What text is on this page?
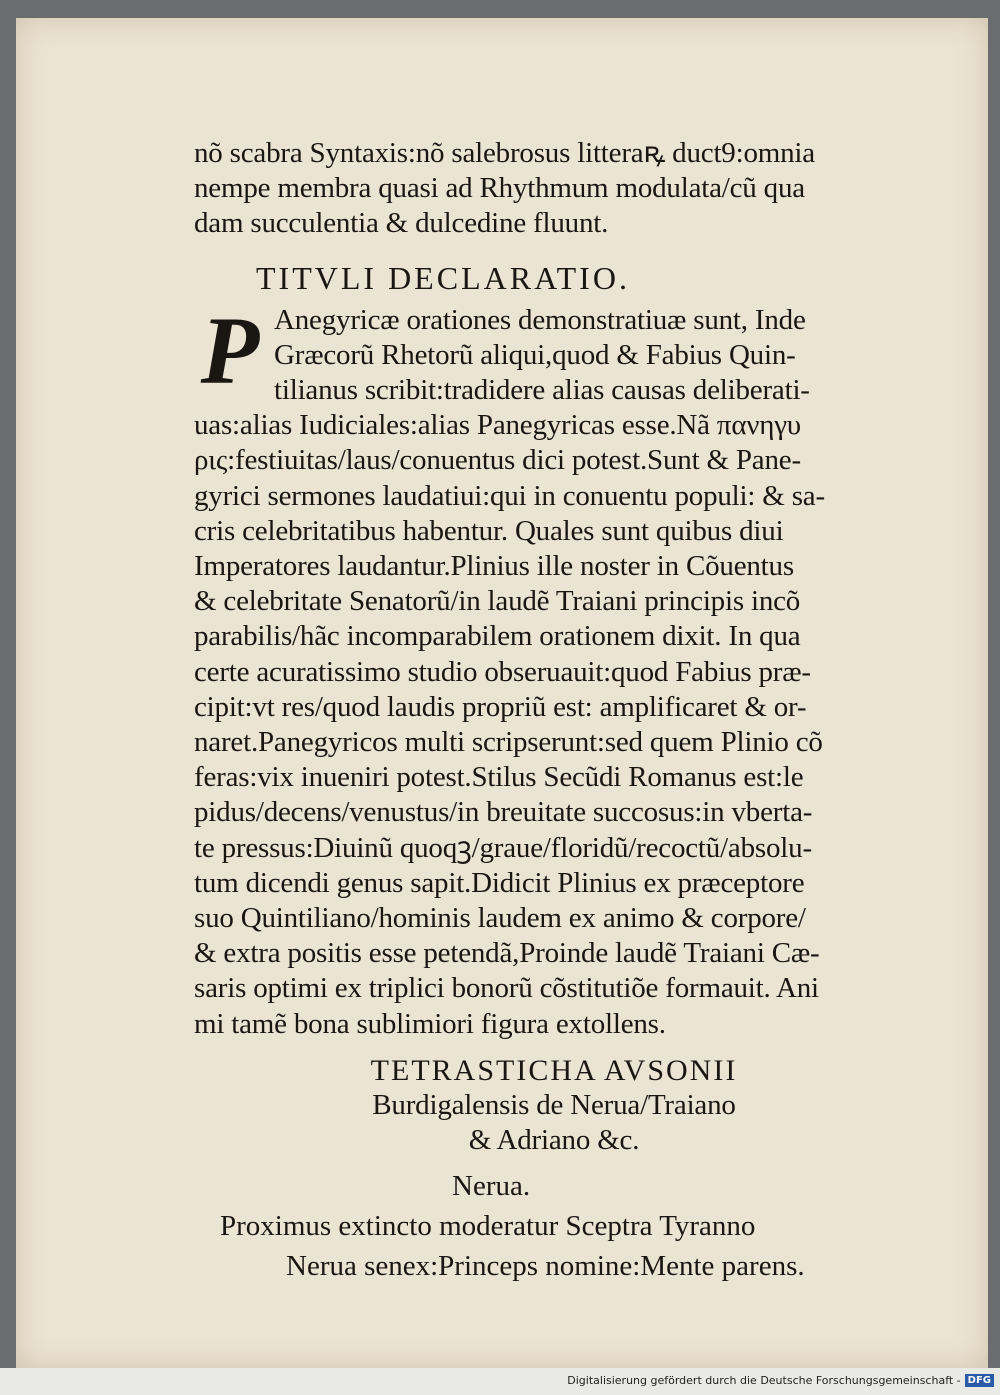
nõ scabra Syntaxis:nõ salebrosus litteraꝶ duct9:omnia
nempe membra quasi ad Rhythmum modulata/cũ qua
dam succulentia & dulcedine fluunt.
TITVLI DECLARATIO.
P Anegyricæ orationes demonstratiuæ sunt, Inde
Græcorũ Rhetorũ aliqui,quod & Fabius Quin-
tilianus scribit:tradidere alias causas deliberati-
uas:alias Iudiciales:alias Panegyricas esse.Nã πανηγυ
ρις:festiuitas/laus/conuentus dici potest.Sunt & Pane-
gyrici sermones laudatiui:qui in conuentu populi: & sa-
cris celebritatibus habentur. Quales sunt quibus diui
Imperatores laudantur.Plinius ille noster in Cõuentus
& celebritate Senatorũ/in laudẽ Traiani principis incõ
parabilis/hãc incomparabilem orationem dixit. In qua
certe acuratissimo studio obseruauit:quod Fabius præ-
cipit:vt res/quod laudis propriũ est: amplificaret & or-
naret.Panegyricos multi scripserunt:sed quem Plinio cõ
feras:vix inueniri potest.Stilus Secũdi Romanus est:le
pidus/decens/venustus/in breuitate succosus:in vberta-
te pressus:Diuinũ quoqꝫ/graue/floridũ/recoctũ/absolu-
tum dicendi genus sapit.Didicit Plinius ex præceptore
suo Quintiliano/hominis laudem ex animo & corpore/
& extra positis esse petendã,Proinde laudẽ Traiani Cæ-
saris optimi ex triplici bonorũ cõstitutiõe formauit. Ani
mi tamẽ bona sublimiori figura extollens.
TETRASTICHA AVSONII
Burdigalensis de Nerua/Traiano
& Adriano &c.
Nerua.
Proximus extincto moderatur Sceptra Tyranno
Nerua senex:Princeps nomine:Mente parens.
Digitalisierung gefördert durch die Deutsche Forschungsgemeinschaft - DFG
